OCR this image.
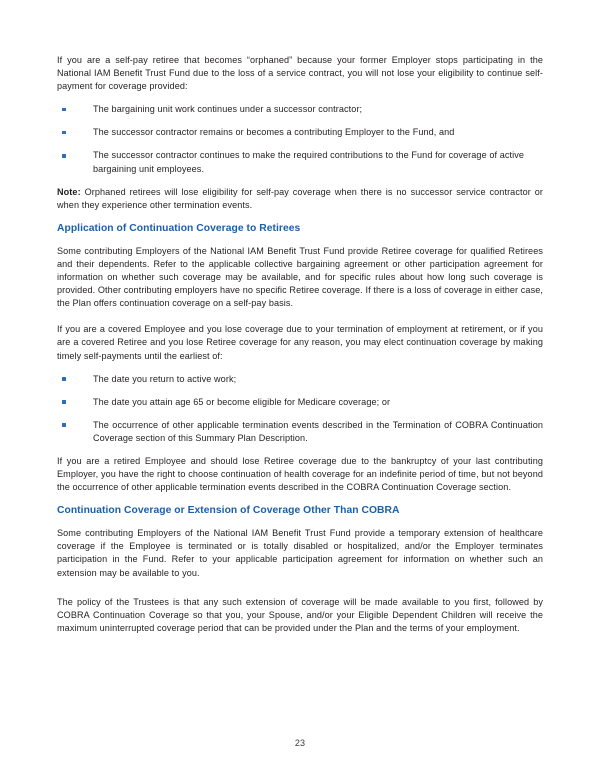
If you are a self-pay retiree that becomes “orphaned” because your former Employer stops participating in the National IAM Benefit Trust Fund due to the loss of a service contract, you will not lose your eligibility to continue self-payment for coverage provided:

The bargaining unit work continues under a successor contractor;
The successor contractor remains or becomes a contributing Employer to the Fund, and
The successor contractor continues to make the required contributions to the Fund for coverage of active bargaining unit employees.

Note: Orphaned retirees will lose eligibility for self-pay coverage when there is no successor service contractor or when they experience other termination events.

Application of Continuation Coverage to Retirees

Some contributing Employers of the National IAM Benefit Trust Fund provide Retiree coverage for qualified Retirees and their dependents. Refer to the applicable collective bargaining agreement or other participation agreement for information on whether such coverage may be available, and for specific rules about how long such coverage is provided. Other contributing employers have no specific Retiree coverage. If there is a loss of coverage in either case, the Plan offers continuation coverage on a self-pay basis.

If you are a covered Employee and you lose coverage due to your termination of employment at retirement, or if you are a covered Retiree and you lose Retiree coverage for any reason, you may elect continuation coverage by making timely self-payments until the earliest of:

The date you return to active work;
The date you attain age 65 or become eligible for Medicare coverage; or
The occurrence of other applicable termination events described in the Termination of COBRA Continuation Coverage section of this Summary Plan Description.

If you are a retired Employee and should lose Retiree coverage due to the bankruptcy of your last contributing Employer, you have the right to choose continuation of health coverage for an indefinite period of time, but not beyond the occurrence of other applicable termination events described in the COBRA Continuation Coverage section.

Continuation Coverage or Extension of Coverage Other Than COBRA

Some contributing Employers of the National IAM Benefit Trust Fund provide a temporary extension of healthcare coverage if the Employee is terminated or is totally disabled or hospitalized, and/or the Employer terminates participation in the Fund. Refer to your applicable participation agreement for information on whether such an extension may be available to you.

The policy of the Trustees is that any such extension of coverage will be made available to you first, followed by COBRA Continuation Coverage so that you, your Spouse, and/or your Eligible Dependent Children will receive the maximum uninterrupted coverage period that can be provided under the Plan and the terms of your employment.

23
